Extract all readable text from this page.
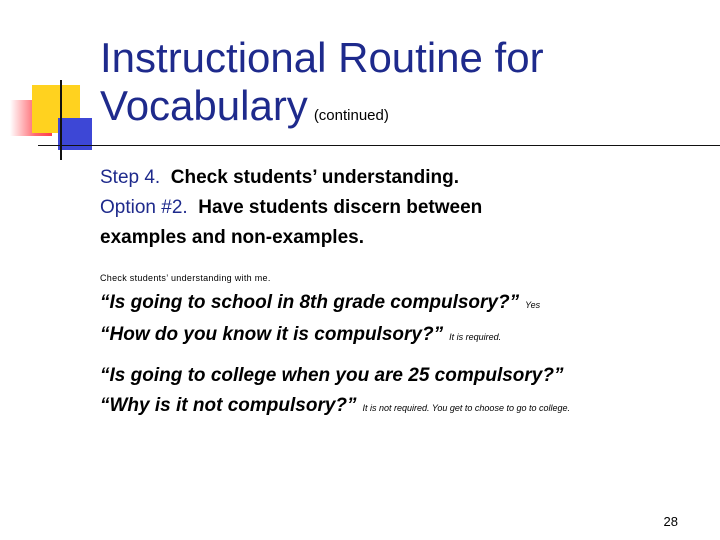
Instructional Routine for
Vocabulary (continued)
Step 4. Check students’ understanding.
Option #2. Have students discern between
examples and non-examples.
Check students’ understanding with me.
“Is going to school in 8th grade compulsory?” Yes
“How do you know it is compulsory?” It is required.
“Is going to college when you are 25 compulsory?”
“Why is it not compulsory?” It is not required. You get to choose to go to college.
28
